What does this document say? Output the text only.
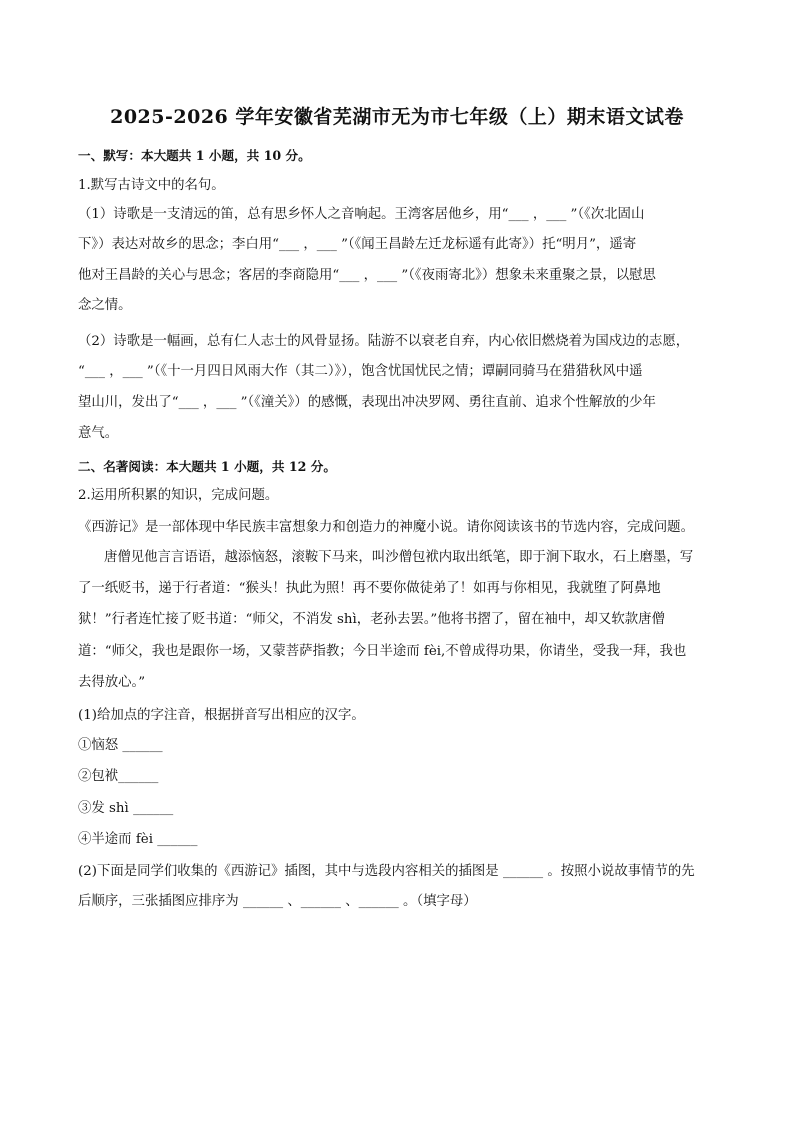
2025-2026 学年安徽省芜湖市无为市七年级（上）期末语文试卷
一、默写：本大题共 1 小题，共 10 分。
1.默写古诗文中的名句。
（1）诗歌是一支清远的笛，总有思乡怀人之音响起。王湾客居他乡，用“___ ，___ ”（《次北固山
下》）表达对故乡的思念；李白用“___ ，___ ”（《闻王昌龄左迁龙标遥有此寄》）托“明月”，遥寄
他对王昌龄的关心与思念；客居的李商隐用“___ ，___ ”（《夜雨寄北》）想象未来重聚之景，以慰思
念之情。
（2）诗歌是一幅画，总有仁人志士的风骨显扬。陆游不以衰老自弃，内心依旧燃烧着为国戍边的志愿，
“___ ，___ ”（《十一月四日风雨大作（其二）》），饱含忧国忧民之情；谭嗣同骑马在猎猎秋风中遥
望山川，发出了“___ ，___ ”（《潼关》）的感慨，表现出冲决罗网、勇往直前、追求个性解放的少年
意气。
二、名著阅读：本大题共 1 小题，共 12 分。
2.运用所积累的知识，完成问题。
《西游记》是一部体现中华民族丰富想象力和创造力的神魔小说。请你阅读该书的节选内容，完成问题。
唐僧见他言言语语，越添恼怒，滚鞍下马来，叫沙僧包袱内取出纸笔，即于涧下取水，石上磨墨，写
了一纸贬书，递于行者道：“猴头！执此为照！再不要你做徒弟了！如再与你相见，我就堕了阿鼻地
狱！”行者连忙接了贬书道：“师父，不消发 shì，老孙去罢。”他将书摺了，留在袖中，却又软款唐僧
道：“师父，我也是跟你一场，又蒙菩萨指教；今日半途而 fèi,不曾成得功果，你请坐，受我一拜，我也
去得放心。”
(1)给加点的字注音，根据拼音写出相应的汉字。
①恼怒 ______
②包袱______
③发 shì ______
④半途而 fèi ______
(2)下面是同学们收集的《西游记》插图，其中与选段内容相关的插图是 ______ 。按照小说故事情节的先
后顺序，三张插图应排序为 ______ 、______ 、______ 。（填字母）
